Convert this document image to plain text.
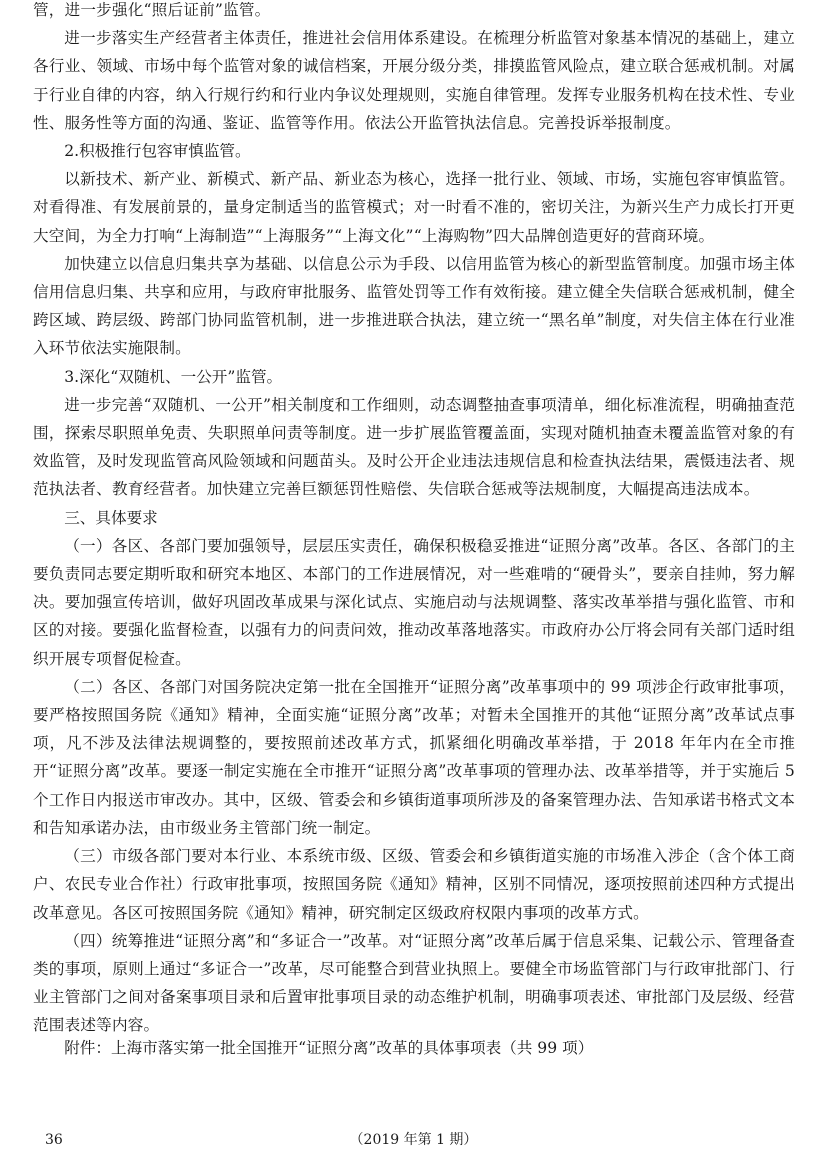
管，进一步强化“照后证前”监管。

进一步落实生产经营者主体责任，推进社会信用体系建设。在梳理分析监管对象基本情况的基础上，建立各行业、领域、市场中每个监管对象的诚信档案，开展分级分类，排摸监管风险点，建立联合惩戒机制。对属于行业自律的内容，纳入行规行约和行业内争议处理规则，实施自律管理。发挥专业服务机构在技术性、专业性、服务性等方面的沟通、鉴证、监管等作用。依法公开监管执法信息。完善投诉举报制度。

2.积极推行包容审慎监管。

以新技术、新产业、新模式、新产品、新业态为核心，选择一批行业、领域、市场，实施包容审慎监管。对看得准、有发展前景的，量身定制适当的监管模式；对一时看不准的，密切关注，为新兴生产力成长打开更大空间，为全力打响“上海制造”“上海服务”“上海文化”“上海购物”四大品牌创造更好的营商环境。

加快建立以信息归集共享为基础、以信息公示为手段、以信用监管为核心的新型监管制度。加强市场主体信用信息归集、共享和应用，与政府审批服务、监管处罚等工作有效衔接。建立健全失信联合惩戒机制，健全跨区域、跨层级、跨部门协同监管机制，进一步推进联合执法，建立统一“黑名单”制度，对失信主体在行业准入环节依法实施限制。

3.深化“双随机、一公开”监管。

进一步完善“双随机、一公开”相关制度和工作细则，动态调整抽查事项清单，细化标准流程，明确抽查范围，探索尽职照单免责、失职照单问责等制度。进一步扩展监管覆盖面，实现对随机抽查未覆盖监管对象的有效监管，及时发现监管高风险领域和问题苗头。及时公开企业违法违规信息和检查执法结果，震慑违法者、规范执法者、教育经营者。加快建立完善巨额惩罚性赔偿、失信联合惩戒等法规制度，大幅提高违法成本。

三、具体要求

（一）各区、各部门要加强领导，层层压实责任，确保积极稳妥推进“证照分离”改革。各区、各部门的主要负责同志要定期听取和研究本地区、本部门的工作进展情况，对一些难啃的“硬骨头”，要亲自挂帅，努力解决。要加强宣传培训，做好巩固改革成果与深化试点、实施启动与法规调整、落实改革举措与强化监管、市和区的对接。要强化监督检查，以强有力的问责问效，推动改革落地落实。市政府办公厅将会同有关部门适时组织开展专项督促检查。

（二）各区、各部门对国务院决定第一批在全国推开“证照分离”改革事项中的 99 项涉企行政审批事项，要严格按照国务院《通知》精神，全面实施“证照分离”改革；对暂未全国推开的其他“证照分离”改革试点事项，凡不涉及法律法规调整的，要按照前述改革方式，抓紧细化明确改革举措，于 2018 年年内在全市推开“证照分离”改革。要逐一制定实施在全市推开“证照分离”改革事项的管理办法、改革举措等，并于实施后 5 个工作日内报送市审改办。其中，区级、管委会和乡镇街道事项所涉及的备案管理办法、告知承诺书格式文本和告知承诺办法，由市级业务主管部门统一制定。

（三）市级各部门要对本行业、本系统市级、区级、管委会和乡镇街道实施的市场准入涉企（含个体工商户、农民专业合作社）行政审批事项，按照国务院《通知》精神，区别不同情况，逐项按照前述四种方式提出改革意见。各区可按照国务院《通知》精神，研究制定区级政府权限内事项的改革方式。

（四）统筹推进“证照分离”和“多证合一”改革。对“证照分离”改革后属于信息采集、记载公示、管理备查类的事项，原则上通过“多证合一”改革，尽可能整合到营业执照上。要健全市场监管部门与行政审批部门、行业主管部门之间对备案事项目录和后置审批事项目录的动态维护机制，明确事项表述、审批部门及层级、经营范围表述等内容。

附件：上海市落实第一批全国推开“证照分离”改革的具体事项表（共 99 项）

36	（2019 年第 1 期）
